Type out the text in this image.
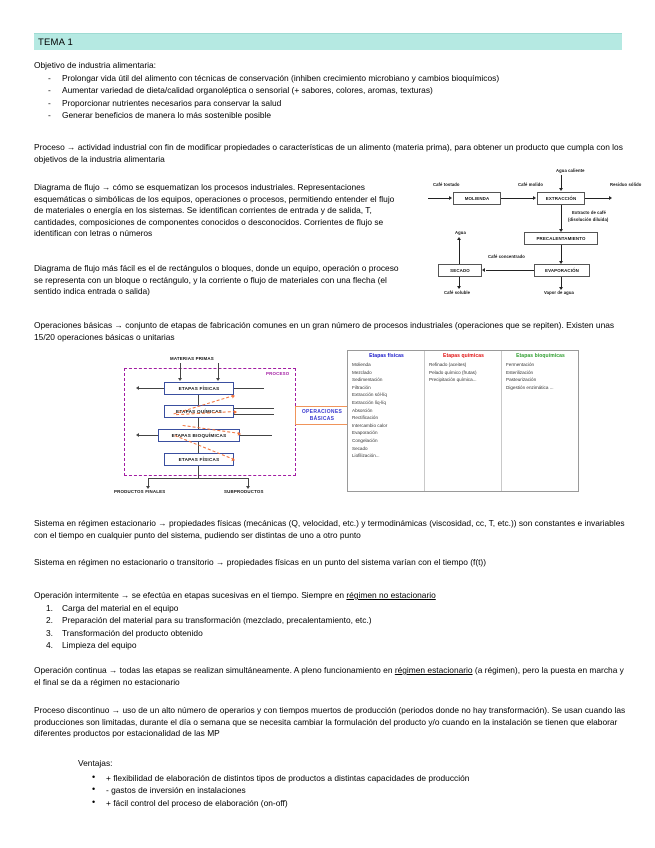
TEMA 1

Objetivo de industria alimentaria:

- Prolongar vida útil del alimento con técnicas de conservación (inhiben crecimiento microbiano y cambios bioquímicos)
- Aumentar variedad de dieta/calidad organoléptica o sensorial (+ sabores, colores, aromas, texturas)
- Proporcionar nutrientes necesarios para conservar la salud
- Generar beneficios de manera lo más sostenible posible

Proceso → actividad industrial con fin de modificar propiedades o características de un alimento (materia prima), para obtener un producto que cumpla con los objetivos de la industria alimentaria

Diagrama de flujo → cómo se esquematizan los procesos industriales. Representaciones esquemáticas o simbólicas de los equipos, operaciones o procesos, permitiendo entender el flujo de materiales o energía en los sistemas. Se identifican corrientes de entrada y de salida, T, cantidades, composiciones de componentes conocidos o desconocidos. Corrientes de flujo se identifican con letras o números

Café tostado	Café molido
Agua caliente
Residuo sólido
Extracto de café
(disolución diluida)
Café concentrado
Agua
Café soluble	Vapor de agua
MOLIENDA	EXTRACCIÓN
PRECALENTAMIENTO
EVAPORACIÓN
SECADO

Diagrama de flujo más fácil es el de rectángulos o bloques, donde un equipo, operación o proceso se representa con un bloque o rectángulo, y la corriente o flujo de materiales con una flecha (el sentido indica entrada o salida)

Operaciones básicas → conjunto de etapas de fabricación comunes en un gran número de procesos industriales (operaciones que se repiten). Existen unas 15/20 operaciones básicas o unitarias

MATERIAS PRIMAS
PROCESO
ETAPAS FÍSICAS
ETAPAS QUÍMICAS
ETAPAS BIOQUÍMICAS
ETAPAS FÍSICAS
PRODUCTOS FINALES	SUBPRODUCTOS
OPERACIONES
BÁSICAS
Etapas físicas
Molienda
Mezclado
Sedimentación
Filtración
Extracción sól-líq
Extracción líq-líq
Absorción
Rectificación
Intercambio calor
Evaporación
Congelación
Secado
Liofilización...
Etapas químicas
Refinado (aceites)
Pelado químico (frutas)
Precipitación química...
Etapas bioquímicas
Fermentación
Esterilización
Pasteurización
Digestión enzimática ...

Sistema en régimen estacionario → propiedades físicas (mecánicas (Q, velocidad, etc.) y termodinámicas (viscosidad, cc, T, etc.)) son constantes e invariables con el tiempo en cualquier punto del sistema, pudiendo ser distintas de uno a otro punto

Sistema en régimen no estacionario o transitorio → propiedades físicas en un punto del sistema varían con el tiempo (f(t))

Operación intermitente → se efectúa en etapas sucesivas en el tiempo. Siempre en régimen no estacionario

Carga del material en el equipo
Preparación del material para su transformación (mezclado, precalentamiento, etc.)
Transformación del producto obtenido
Limpieza del equipo

Operación continua → todas las etapas se realizan simultáneamente. A pleno funcionamiento en régimen estacionario (a régimen), pero la puesta en marcha y el final se da a régimen no estacionario

Proceso discontinuo → uso de un alto número de operarios y con tiempos muertos de producción (periodos donde no hay transformación). Se usan cuando las producciones son limitadas, durante el día o semana que se necesita cambiar la formulación del producto y/o cuando en la instalación se tienen que elaborar diferentes productos por estacionalidad de las MP

Ventajas:

• + flexibilidad de elaboración de distintos tipos de productos a distintas capacidades de producción
• - gastos de inversión en instalaciones
• + fácil control del proceso de elaboración (on-off)
